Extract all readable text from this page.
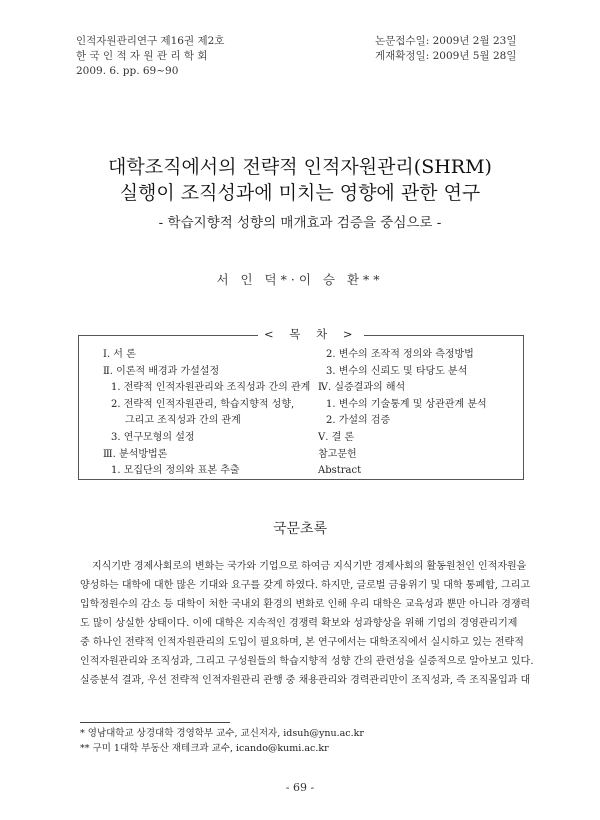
인적자원관리연구 제16권 제2호
한 국 인 적 자 원 관 리 학 회
2009. 6. pp. 69~90
논문접수일: 2009년 2월 23일
게재확정일: 2009년 5월 28일
대학조직에서의 전략적 인적자원관리(SHRM)
실행이 조직성과에 미치는 영향에 관한 연구
- 학습지향적 성향의 매개효과 검증을 중심으로 -
서 인 덕*·이 승 환**
< 목 차 >
Ⅰ. 서 론
Ⅱ. 이론적 배경과 가설설정
1. 전략적 인적자원관리와 조직성과 간의 관계
2. 전략적 인적자원관리, 학습지향적 성향,
그리고 조직성과 간의 관계
3. 연구모형의 설정
Ⅲ. 분석방법론
1. 모집단의 정의와 표본 추출
2. 변수의 조작적 정의와 측정방법
3. 변수의 신뢰도 및 타당도 분석
Ⅳ. 실증결과의 해석
1. 변수의 기술통계 및 상관관계 분석
2. 가설의 검증
Ⅴ. 결 론
참고문헌
Abstract
국문초록
지식기반 경제사회로의 변화는 국가와 기업으로 하여금 지식기반 경제사회의 활동원천인 인적자원을
양성하는 대학에 대한 많은 기대와 요구를 갖게 하였다. 하지만, 글로벌 금융위기 및 대학 통폐합, 그리고
입학정원수의 감소 등 대학이 처한 국내외 환경의 변화로 인해 우리 대학은 교육성과 뿐만 아니라 경쟁력
도 많이 상실한 상태이다. 이에 대학은 지속적인 경쟁력 확보와 성과향상을 위해 기업의 경영관리기제
중 하나인 전략적 인적자원관리의 도입이 필요하며, 본 연구에서는 대학조직에서 실시하고 있는 전략적
인적자원관리와 조직성과, 그리고 구성원들의 학습지향적 성향 간의 관련성을 실증적으로 알아보고 있다.
실증분석 결과, 우선 전략적 인적자원관리 관행 중 채용관리와 경력관리만이 조직성과, 즉 조직몰입과 대
* 영남대학교 상경대학 경영학부 교수, 교신저자, idsuh@ynu.ac.kr
** 구미 1대학 부동산 재테크과 교수, icando@kumi.ac.kr
- 69 -
